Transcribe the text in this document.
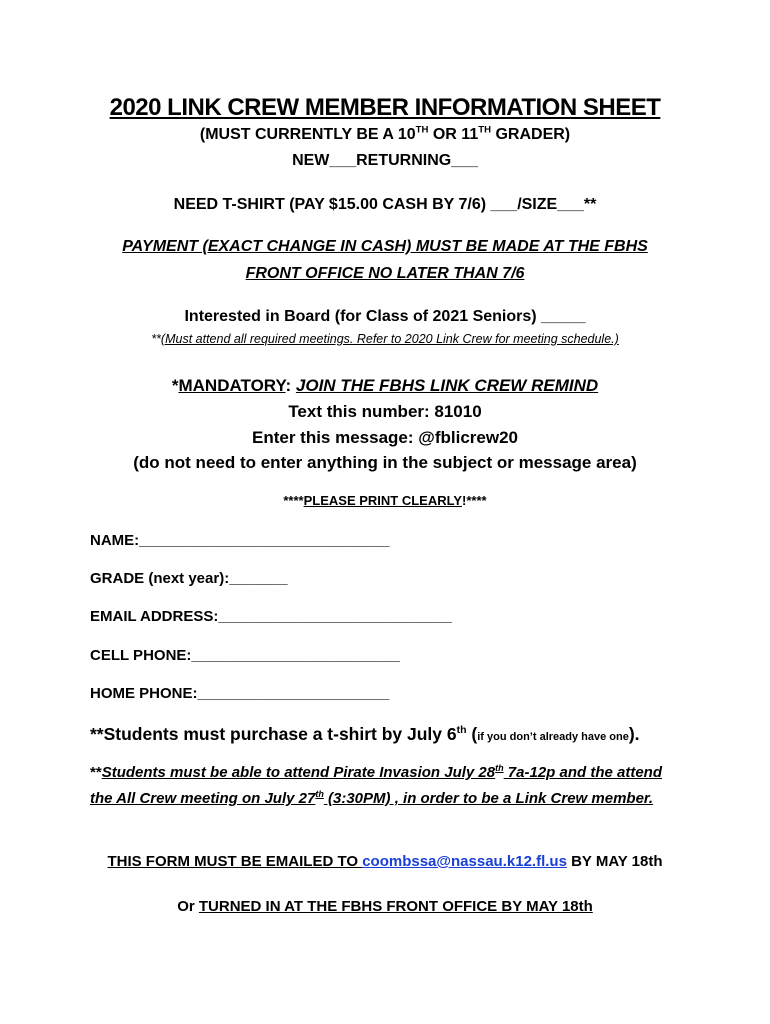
2020 LINK CREW MEMBER INFORMATION SHEET
(MUST CURRENTLY BE A 10TH OR 11TH GRADER)
NEW___RETURNING___
NEED T-SHIRT (PAY $15.00 CASH BY 7/6) ___/SIZE___**
PAYMENT (EXACT CHANGE IN CASH) MUST BE MADE AT THE FBHS
FRONT OFFICE NO LATER THAN 7/6
Interested in Board (for Class of 2021 Seniors) _____
**(Must attend all required meetings. Refer to 2020 Link Crew for meeting schedule.)
*MANDATORY: JOIN THE FBHS LINK CREW REMIND
Text this number: 81010
Enter this message: @fblicrew20
(do not need to enter anything in the subject or message area)
****PLEASE PRINT CLEARLY!****
NAME:______________________________
GRADE (next year):_______
EMAIL ADDRESS:____________________________
CELL PHONE:_________________________
HOME PHONE:_______________________
**Students must purchase a t-shirt by July 6th (if you don’t already have one).
**Students must be able to attend Pirate Invasion July 28th 7a-12p and the attend the All Crew meeting on July 27th (3:30PM) , in order to be a Link Crew member.
THIS FORM MUST BE EMAILED TO coombssa@nassau.k12.fl.us BY MAY 18th
Or TURNED IN AT THE FBHS FRONT OFFICE BY MAY 18th
